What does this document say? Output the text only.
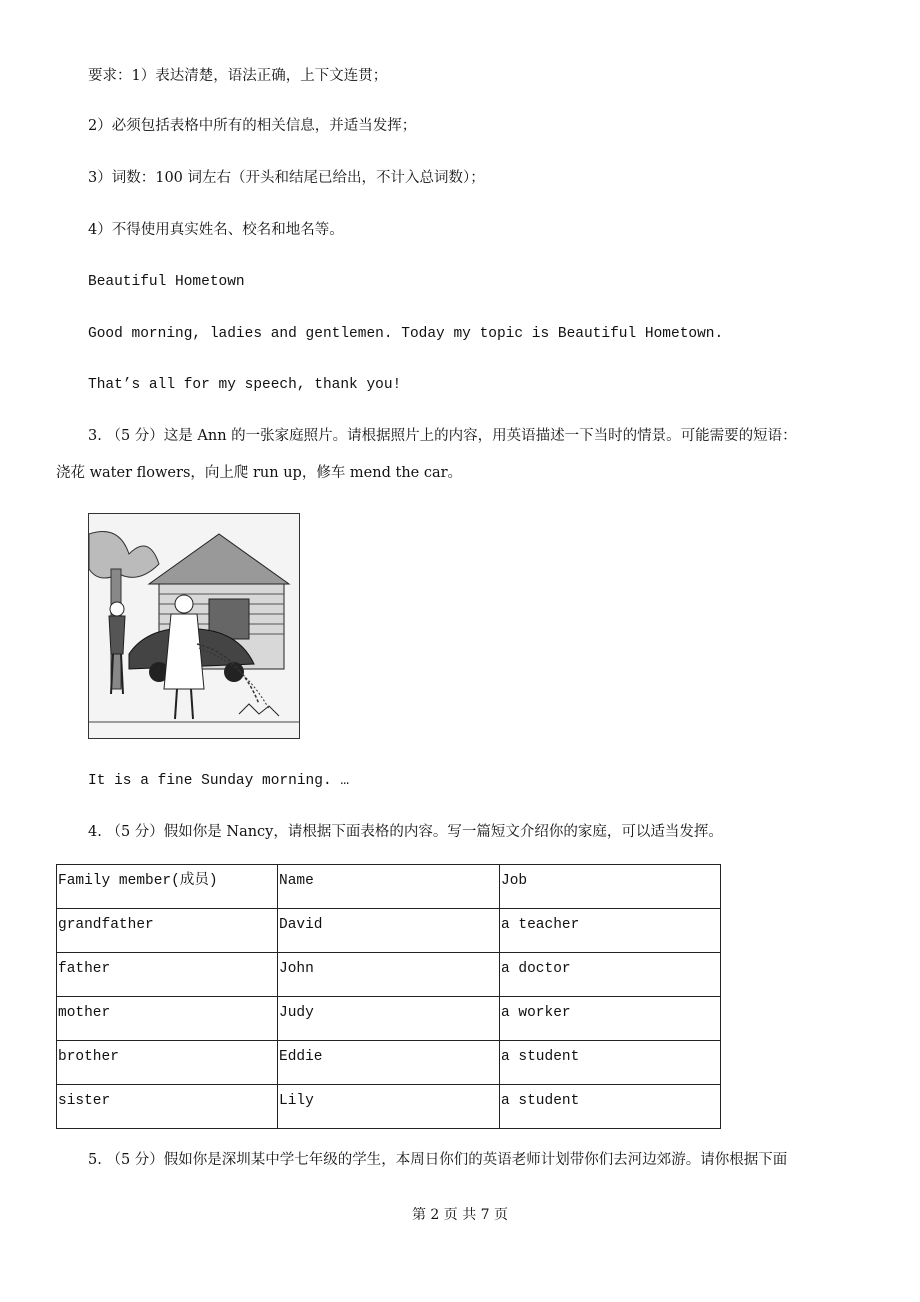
要求：1）表达清楚，语法正确，上下文连贯；

2）必须包括表格中所有的相关信息，并适当发挥；

3）词数：100 词左右（开头和结尾已给出，不计入总词数）；

4）不得使用真实姓名、校名和地名等。

Beautiful Hometown

Good morning, ladies and gentlemen. Today my topic is Beautiful Hometown.

That’s all for my speech, thank you!

3. （5 分）这是 Ann 的一张家庭照片。请根据照片上的内容，用英语描述一下当时的情景。可能需要的短语：

浇花 water flowers，向上爬 run up，修车 mend the car。

It is a fine Sunday morning. …

4. （5 分）假如你是 Nancy，请根据下面表格的内容。写一篇短文介绍你的家庭，可以适当发挥。

Family member(成员)	Name	Job
grandfather	David	a teacher
father	John	a doctor
mother	Judy	a worker
brother	Eddie	a student
sister	Lily	a student

5. （5 分）假如你是深圳某中学七年级的学生，本周日你们的英语老师计划带你们去河边郊游。请你根据下面

第 2 页 共 7 页
